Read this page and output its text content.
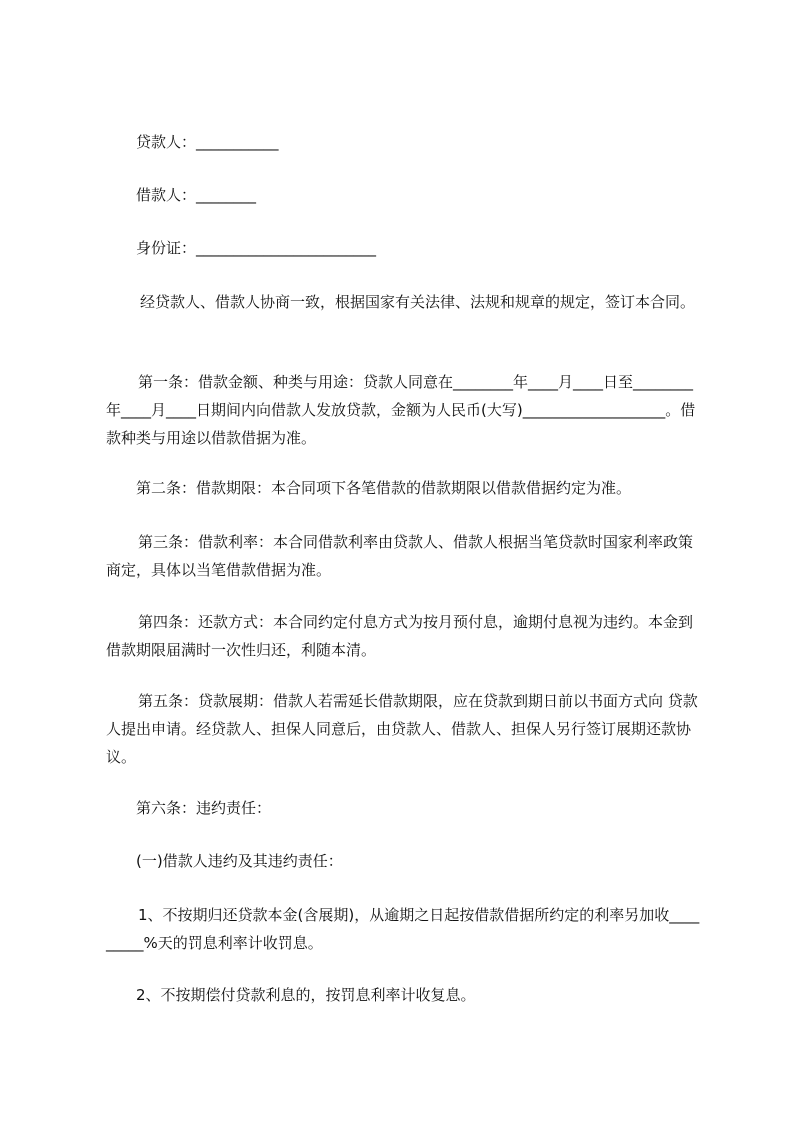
贷款人：___________
借款人：________
身份证：________________________
经贷款人、借款人协商一致，根据国家有关法律、法规和规章的规定，签订本合同。
第一条：借款金额、种类与用途：贷款人同意在________年____月____日至________年____月____日期间内向借款人发放贷款，金额为人民币(大写)___________________。借款种类与用途以借款借据为准。
第二条：借款期限：本合同项下各笔借款的借款期限以借款借据约定为准。
第三条：借款利率：本合同借款利率由贷款人、借款人根据当笔贷款时国家利率政策商定，具体以当笔借款借据为准。
第四条：还款方式：本合同约定付息方式为按月预付息，逾期付息视为违约。本金到借款期限届满时一次性归还，利随本清。
第五条：贷款展期：借款人若需延长借款期限，应在贷款到期日前以书面方式向 贷款人提出申请。经贷款人、担保人同意后，由贷款人、借款人、担保人另行签订展期还款协议。
第六条：违约责任：
(一)借款人违约及其违约责任：
1、不按期归还贷款本金(含展期)，从逾期之日起按借款借据所约定的利率另加收_________%天的罚息利率计收罚息。
2、不按期偿付贷款利息的，按罚息利率计收复息。
